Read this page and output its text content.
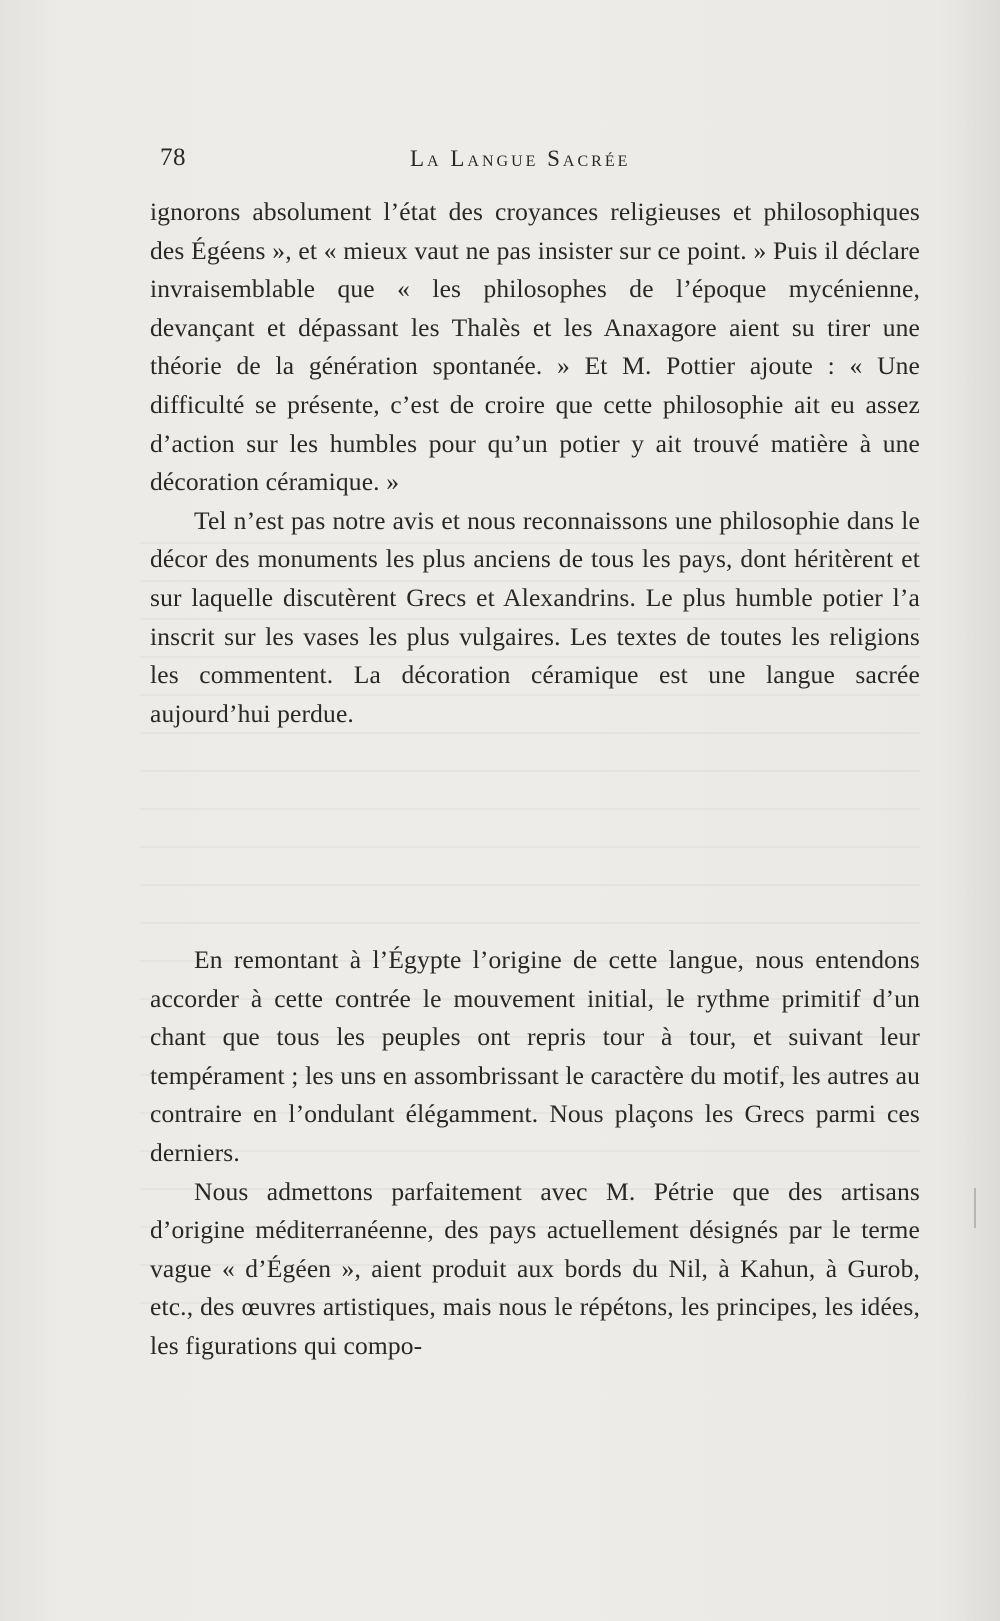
78	La Langue Sacrée

ignorons absolument l’état des croyances religieuses et philosophiques des Égéens », et « mieux vaut ne pas insister sur ce point. » Puis il déclare invraisemblable que « les philosophes de l’époque mycénienne, devançant et dépassant les Thalès et les Anaxagore aient su tirer une théorie de la génération spontanée. » Et M. Pottier ajoute : « Une difficulté se présente, c’est de croire que cette philosophie ait eu assez d’action sur les humbles pour qu’un potier y ait trouvé matière à une décoration céramique. »

Tel n’est pas notre avis et nous reconnaissons une philosophie dans le décor des monuments les plus anciens de tous les pays, dont héritèrent et sur laquelle discutèrent Grecs et Alexandrins. Le plus humble potier l’a inscrit sur les vases les plus vulgaires. Les textes de toutes les religions les commentent. La décoration céramique est une langue sacrée aujourd’hui perdue.

En remontant à l’Égypte l’origine de cette langue, nous entendons accorder à cette contrée le mouvement initial, le rythme primitif d’un chant que tous les peuples ont repris tour à tour, et suivant leur tempérament ; les uns en assombrissant le caractère du motif, les autres au contraire en l’ondulant élégamment. Nous plaçons les Grecs parmi ces derniers.

Nous admettons parfaitement avec M. Pétrie que des artisans d’origine méditerranéenne, des pays actuellement désignés par le terme vague « d’Égéen », aient produit aux bords du Nil, à Kahun, à Gurob, etc., des œuvres artistiques, mais nous le répétons, les principes, les idées, les figurations qui compo-
